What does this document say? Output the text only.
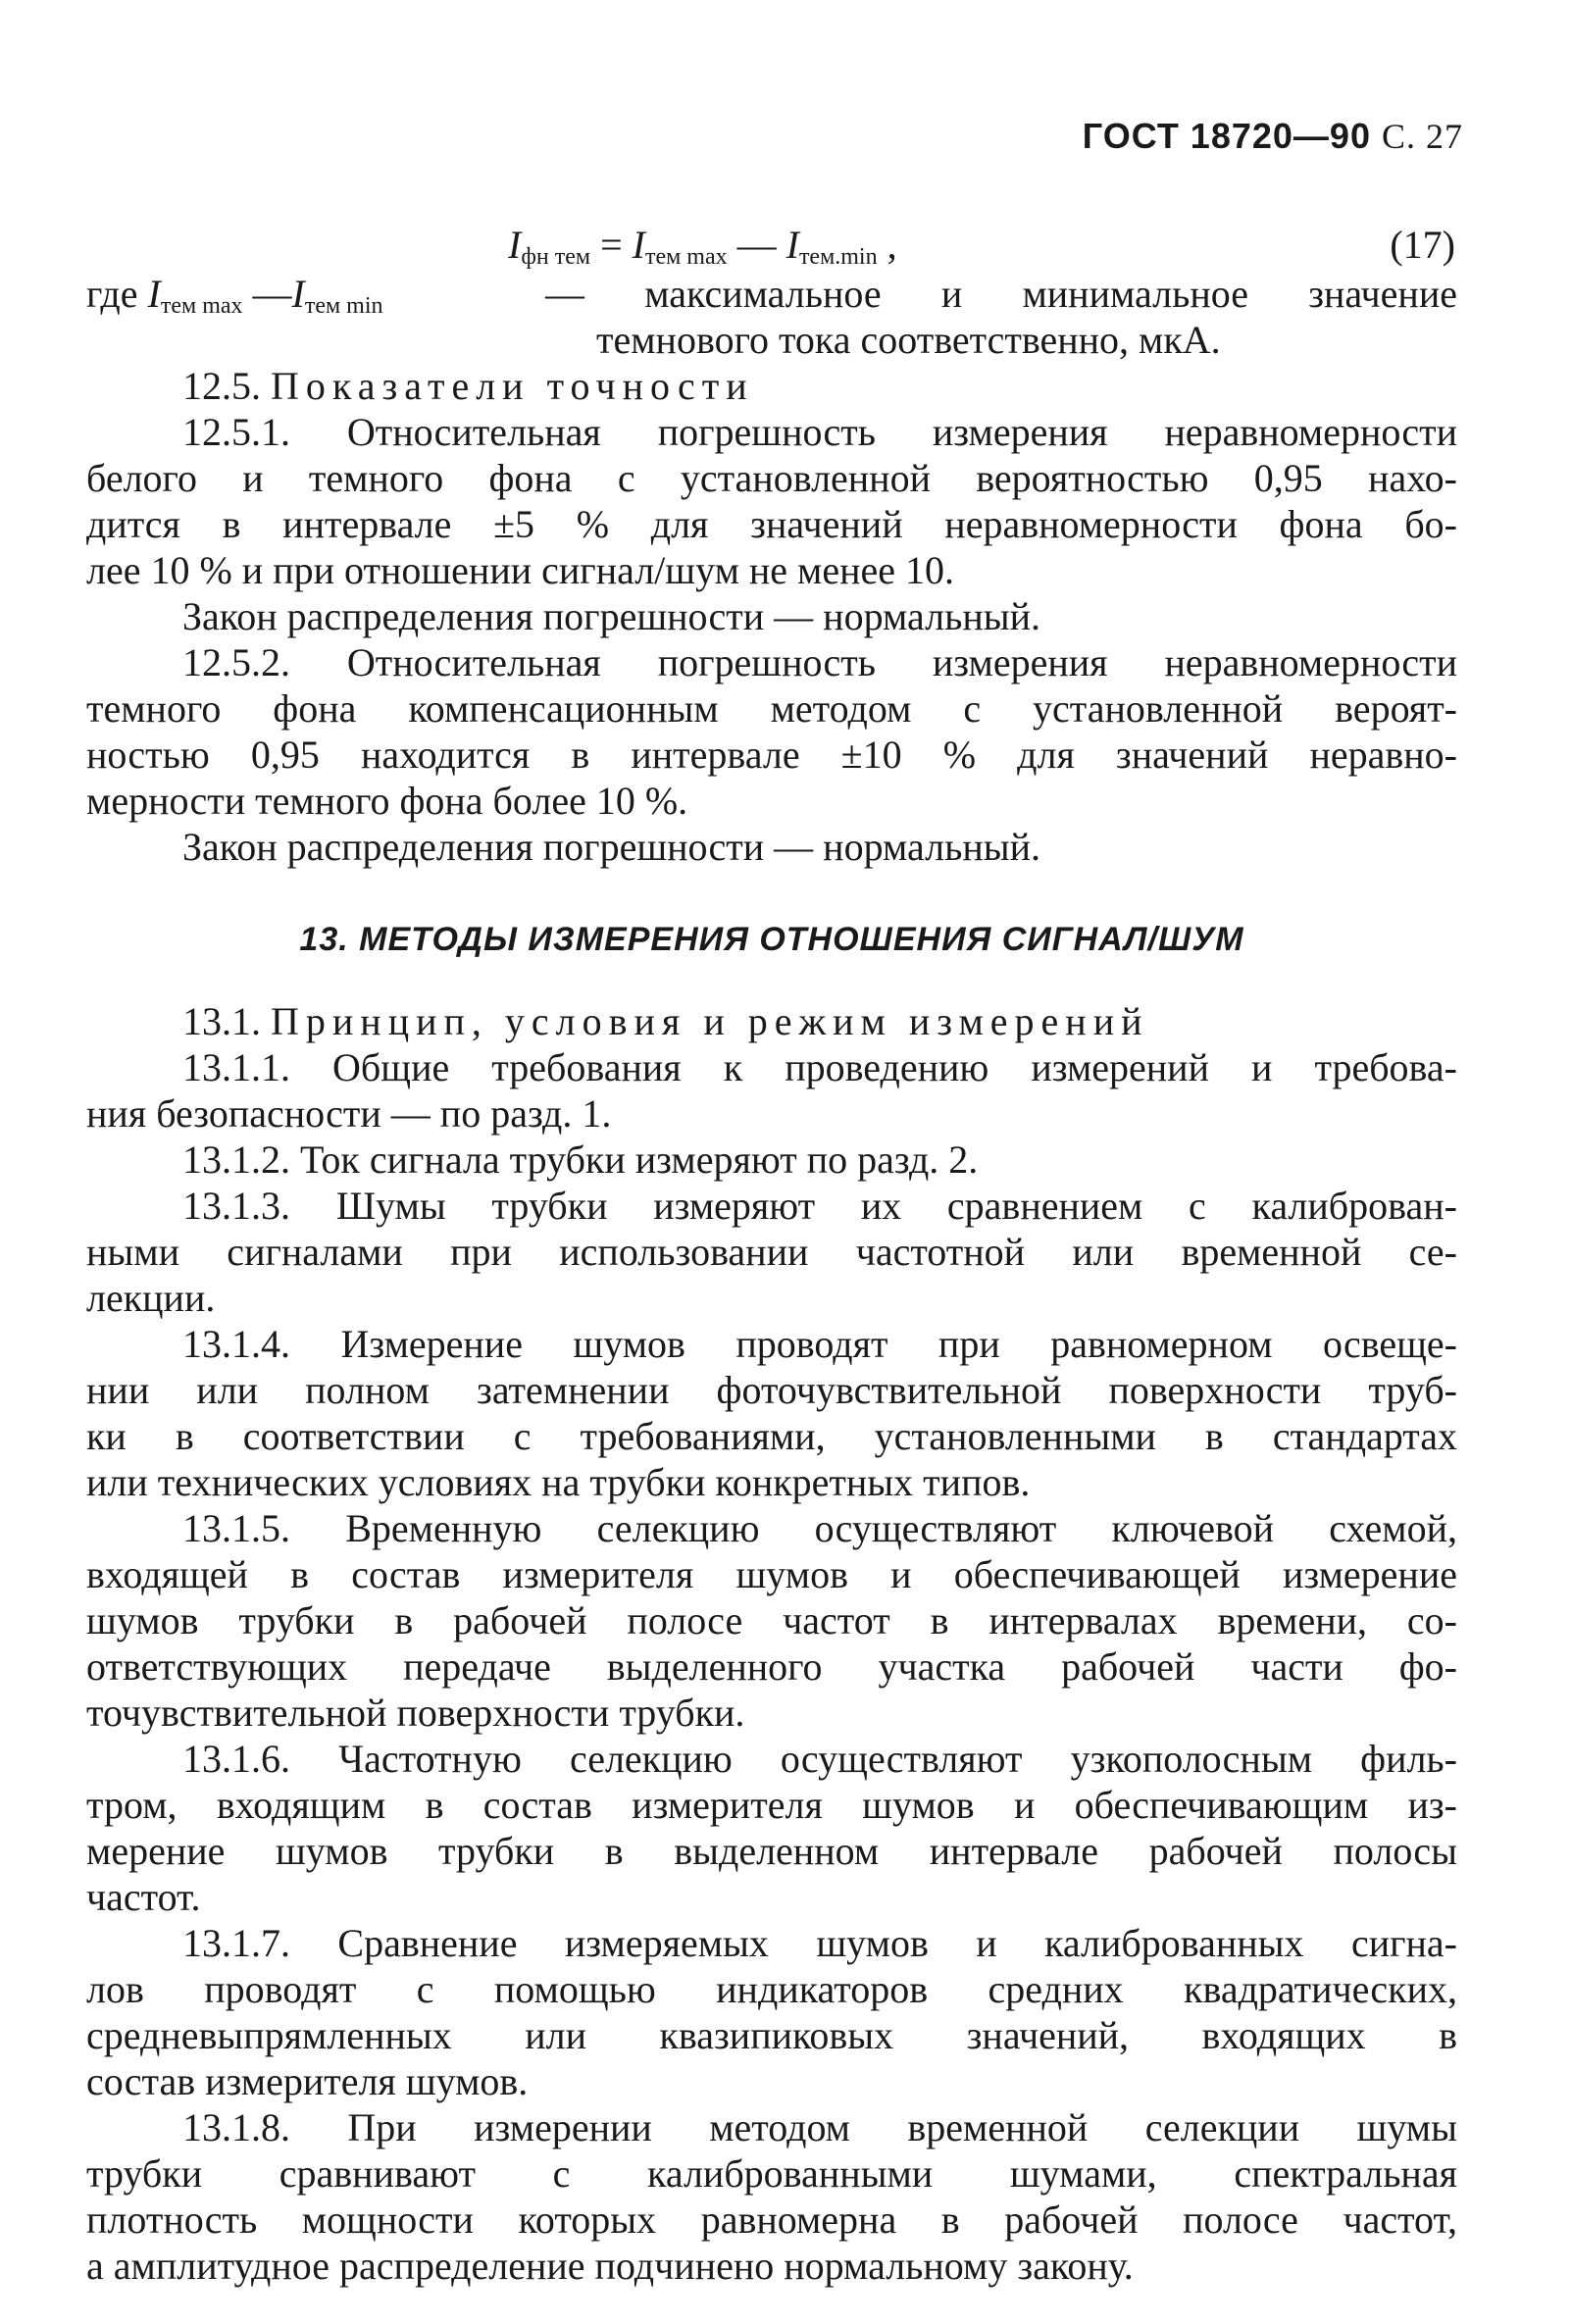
ГОСТ 18720—90 С. 27
$I_{фн тем} = I_{тем max}$ — $I_{тем.min}$ ,	(17)
где $I_{тем max}$ $—I_{тем min}$	— максимальное и минимальное значение
темнового тока соответственно, мкА.
12.5. Показатели точности
12.5.1. Относительная погрешность измерения неравномерности
белого и темного фона с установленной вероятностью 0,95 нахо-
дится в интервале ±5 % для значений неравномерности фона бо-
лее 10 % и при отношении сигнал/шум не менее 10.
Закон распределения погрешности — нормальный.
12.5.2. Относительная погрешность измерения неравномерности
темного фона компенсационным методом с установленной вероят-
ностью 0,95 находится в интервале ±10 % для значений неравно-
мерности темного фона более 10 %.
Закон распределения погрешности — нормальный.
13. МЕТОДЫ ИЗМЕРЕНИЯ ОТНОШЕНИЯ СИГНАЛ/ШУМ
13.1. Принцип, условия и режим измерений
13.1.1. Общие требования к проведению измерений и требова-
ния безопасности — по разд. 1.
13.1.2. Ток сигнала трубки измеряют по разд. 2.
13.1.3. Шумы трубки измеряют их сравнением с калиброван-
ными сигналами при использовании частотной или временной се-
лекции.
13.1.4. Измерение шумов проводят при равномерном освеще-
нии или полном затемнении фоточувствительной поверхности труб-
ки в соответствии с требованиями, установленными в стандартах
или технических условиях на трубки конкретных типов.
13.1.5. Временную селекцию осуществляют ключевой схемой,
входящей в состав измерителя шумов и обеспечивающей измерение
шумов трубки в рабочей полосе частот в интервалах времени, со-
ответствующих передаче выделенного участка рабочей части фо-
точувствительной поверхности трубки.
13.1.6. Частотную селекцию осуществляют узкополосным филь-
тром, входящим в состав измерителя шумов и обеспечивающим из-
мерение шумов трубки в выделенном интервале рабочей полосы
частот.
13.1.7. Сравнение измеряемых шумов и калиброванных сигна-
лов проводят с помощью индикаторов средних квадратических,
средневыпрямленных или квазипиковых значений, входящих в
состав измерителя шумов.
13.1.8. При измерении методом временной селекции шумы
трубки сравнивают с калиброванными шумами, спектральная
плотность мощности которых равномерна в рабочей полосе частот,
а амплитудное распределение подчинено нормальному закону.
